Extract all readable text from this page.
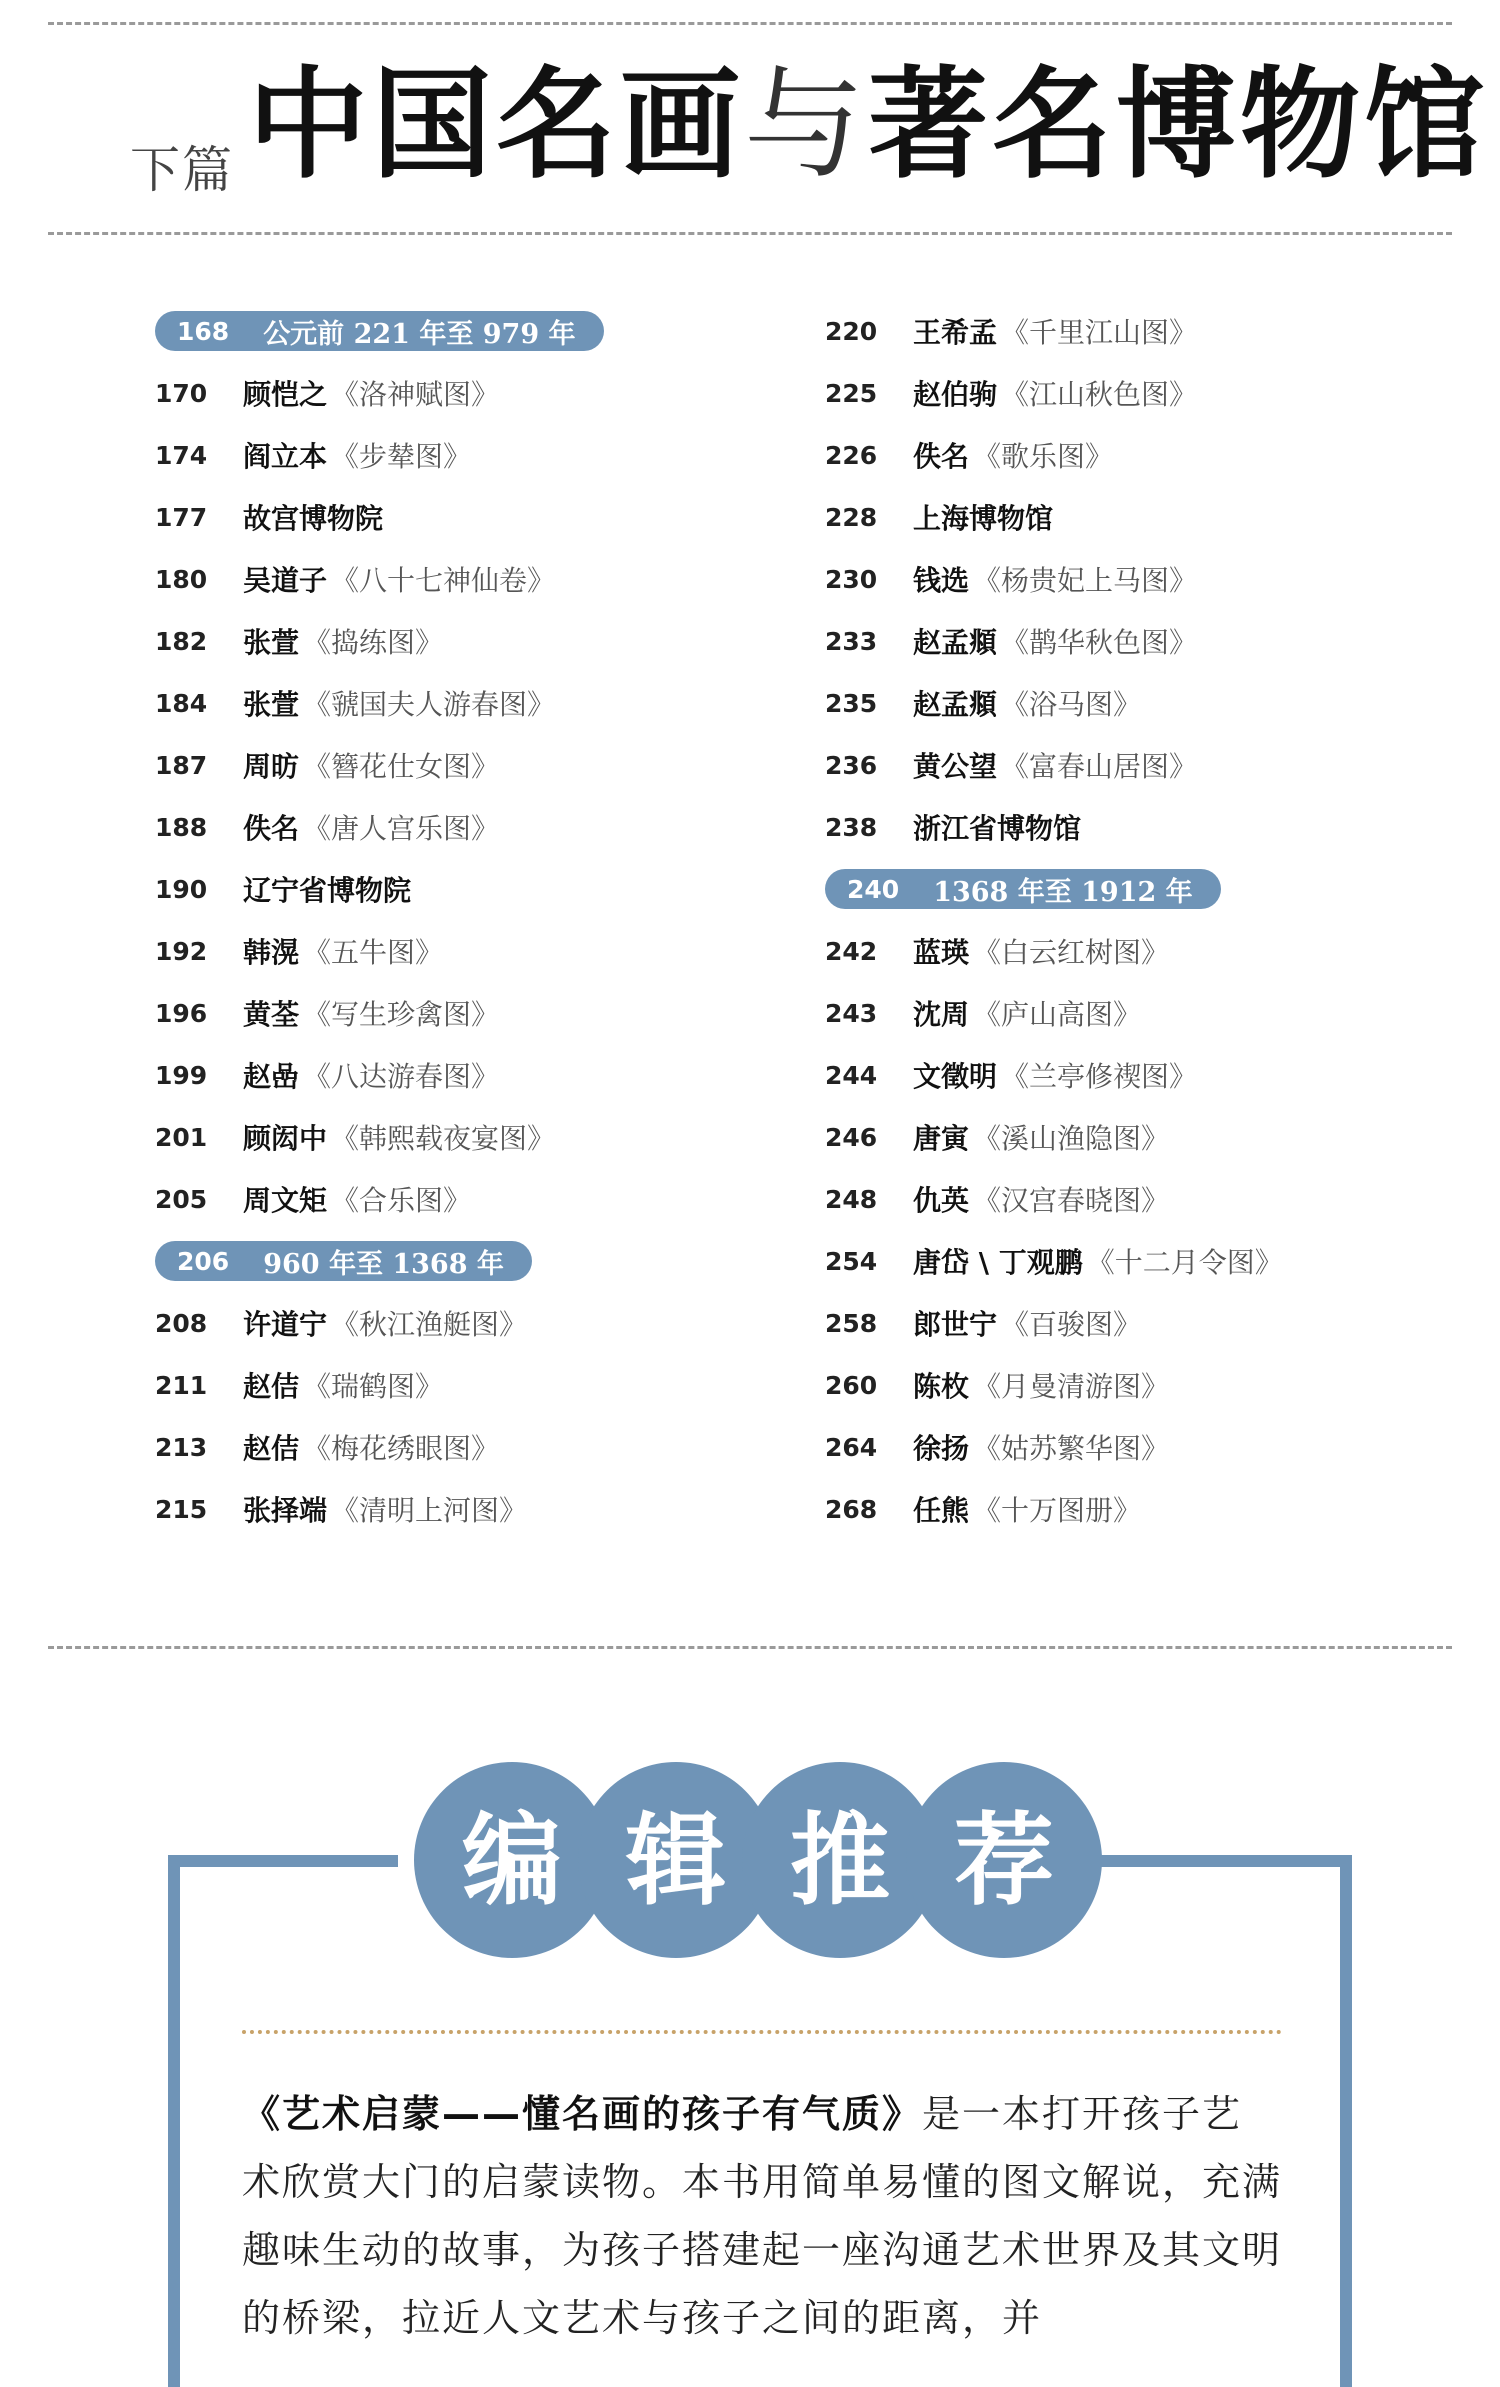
下篇 中国名画与著名博物馆
168 公元前 221 年至 979 年
170	顾恺之 《洛神赋图》
174	阎立本 《步辇图》
177	故宫博物院
180	吴道子 《八十七神仙卷》
182	张萱 《捣练图》
184	张萱 《虢国夫人游春图》
187	周昉 《簪花仕女图》
188	佚名 《唐人宫乐图》
190	辽宁省博物院
192	韩滉 《五牛图》
196	黄荃 《写生珍禽图》
199	赵嵒 《八达游春图》
201	顾闳中 《韩熙载夜宴图》
205	周文矩 《合乐图》
206 960 年至 1368 年
208	许道宁 《秋江渔艇图》
211	赵佶 《瑞鹤图》
213	赵佶 《梅花绣眼图》
215	张择端 《清明上河图》
220	王希孟 《千里江山图》
225	赵伯驹 《江山秋色图》
226	佚名 《歌乐图》
228	上海博物馆
230	钱选 《杨贵妃上马图》
233	赵孟頫 《鹊华秋色图》
235	赵孟頫 《浴马图》
236	黄公望 《富春山居图》
238	浙江省博物馆
240 1368 年至 1912 年
242	蓝瑛 《白云红树图》
243	沈周 《庐山高图》
244	文徵明 《兰亭修禊图》
246	唐寅 《溪山渔隐图》
248	仇英 《汉宫春晓图》
254	唐岱 \ 丁观鹏 《十二月令图》
258	郎世宁 《百骏图》
260	陈枚 《月曼清游图》
264	徐扬 《姑苏繁华图》
268	任熊 《十万图册》
编 辑 推 荐
《艺术启蒙——懂名画的孩子有气质》是一本打开孩子艺术欣赏大门的启蒙读物。本书用简单易懂的图文解说，充满趣味生动的故事，为孩子搭建起一座沟通艺术世界及其文明的桥梁，拉近人文艺术与孩子之间的距离，并
